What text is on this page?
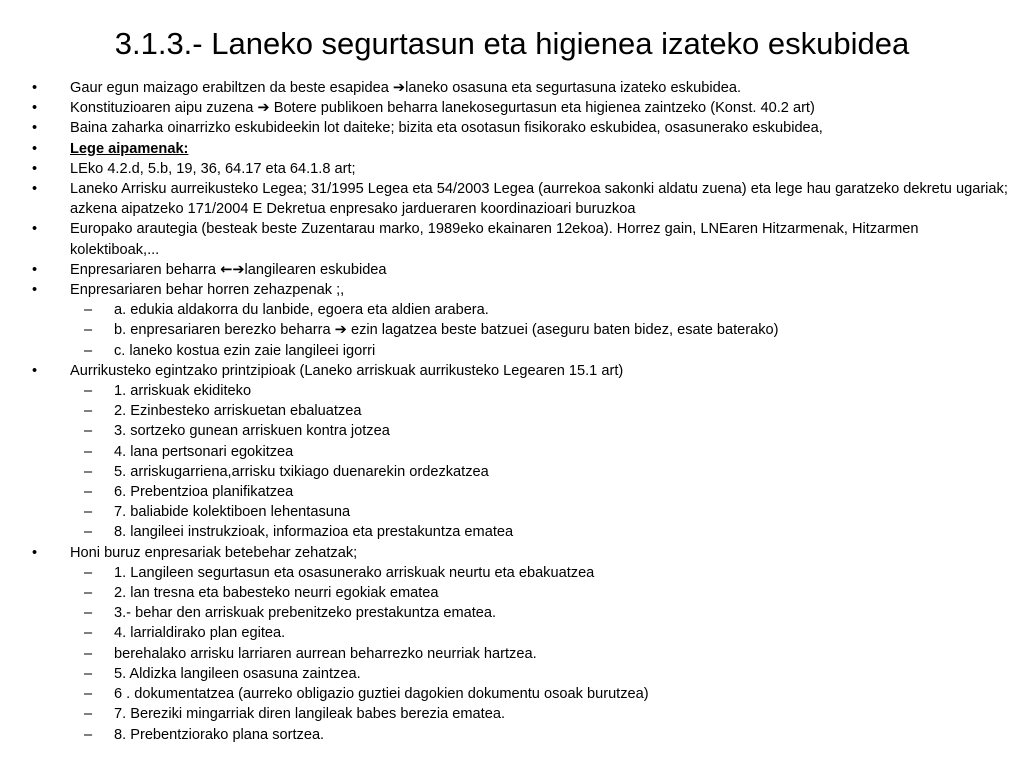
3.1.3.- Laneko segurtasun eta higienea izateko eskubidea
•	Gaur egun maizago erabiltzen da beste esapidea ➔laneko osasuna eta segurtasuna izateko eskubidea.
•	Konstituzioaren aipu zuzena ➔ Botere publikoen beharra lanekosegurtasun eta higienea zaintzeko (Konst. 40.2 art)
•	Baina zaharka oinarrizko eskubideekin lot daiteke; bizita eta osotasun fisikorako eskubidea, osasunerako eskubidea,
•	Lege aipamenak:
•	LEko 4.2.d, 5.b, 19, 36, 64.17 eta 64.1.8 art;
•	Laneko Arrisku aurreikusteko Legea; 31/1995 Legea eta 54/2003 Legea (aurrekoa sakonki aldatu zuena) eta lege hau garatzeko dekretu ugariak; azkena aipatzeko 171/2004 E Dekretua enpresako jardueraren koordinazioari buruzkoa
•	Europako arautegia (besteak beste Zuzentarau marko, 1989eko ekainaren 12ekoa). Horrez gain, LNEaren Hitzarmenak, Hitzarmen kolektiboak,...
•	Enpresariaren beharra ←➔langilearen eskubidea
•	Enpresariaren behar horren zehazpenak ;,
–	a. edukia aldakorra du lanbide, egoera eta aldien arabera.
–	b. enpresariaren berezko beharra ➔ ezin lagatzea beste batzuei (aseguru baten bidez, esate baterako)
–	c. laneko kostua ezin zaie langileei igorri
•	Aurrikusteko egintzako printzipioak (Laneko arriskuak aurrikusteko Legearen 15.1 art)
–	1. arriskuak ekiditeko
–	2. Ezinbesteko arriskuetan ebaluatzea
–	3. sortzeko gunean arriskuen kontra jotzea
–	4. lana pertsonari egokitzea
–	5. arriskugarriena,arrisku txikiago duenarekin ordezkatzea
–	6. Prebentzioa planifikatzea
–	7. baliabide kolektiboen lehentasuna
–	8. langileei instrukzioak, informazioa eta prestakuntza ematea
•	Honi buruz enpresariak betebehar zehatzak;
–	1. Langileen segurtasun eta osasunerako arriskuak neurtu eta ebakuatzea
–	2. lan tresna eta babesteko neurri egokiak ematea
–	3.- behar den arriskuak prebenitzeko prestakuntza ematea.
–	4. larrialdirako plan egitea.
–	berehalako arrisku larriaren aurrean beharrezko neurriak hartzea.
–	5. Aldizka langileen osasuna zaintzea.
–	6 . dokumentatzea (aurreko obligazio guztiei dagokien dokumentu osoak burutzea)
–	7. Bereziki mingarriak diren langileak babes berezia ematea.
–	8. Prebentziorako plana sortzea.
